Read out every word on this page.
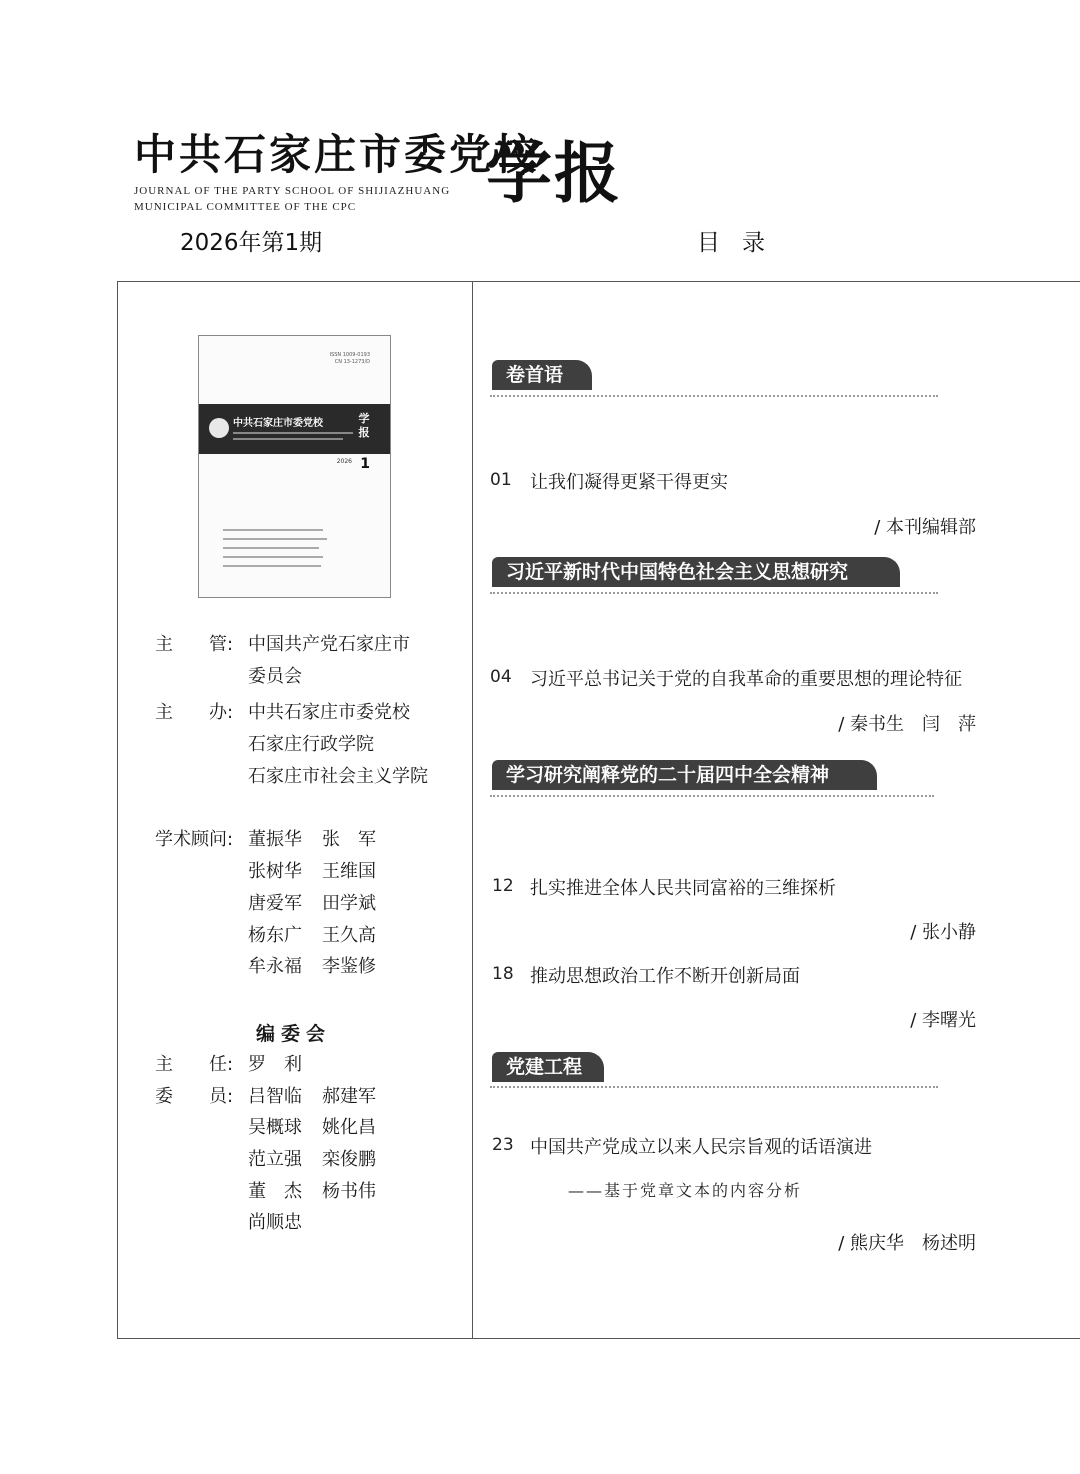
中共石家庄市委党校
学报
JOURNAL OF THE PARTY SCHOOL OF SHIJIAZHUANG
MUNICIPAL COMMITTEE OF THE CPC
2026年第1期	目录
ISSN 1009-0193
CN 13-1273/D
中共石家庄市委党校	学报
2026 1
主　　管: 中国共产党石家庄市
委员会
主　　办: 中共石家庄市委党校
石家庄行政学院
石家庄市社会主义学院
学术顾问: 董振华 张　军
张树华 王维国
唐爱军 田学斌
杨东广 王久高
牟永福 李鉴修
编委会
主　　任: 罗　利
委　　员: 吕智临 郝建军
吴概球 姚化昌
范立强 栾俊鹏
董　杰 杨书伟
尚顺忠
卷首语
01 让我们凝得更紧干得更实
/ 本刊编辑部
习近平新时代中国特色社会主义思想研究
04 习近平总书记关于党的自我革命的重要思想的理论特征
/ 秦书生　闫　萍
学习研究阐释党的二十届四中全会精神
12 扎实推进全体人民共同富裕的三维探析
/ 张小静
18 推动思想政治工作不断开创新局面
/ 李曙光
党建工程
23 中国共产党成立以来人民宗旨观的话语演进
——基于党章文本的内容分析
/ 熊庆华　杨述明
